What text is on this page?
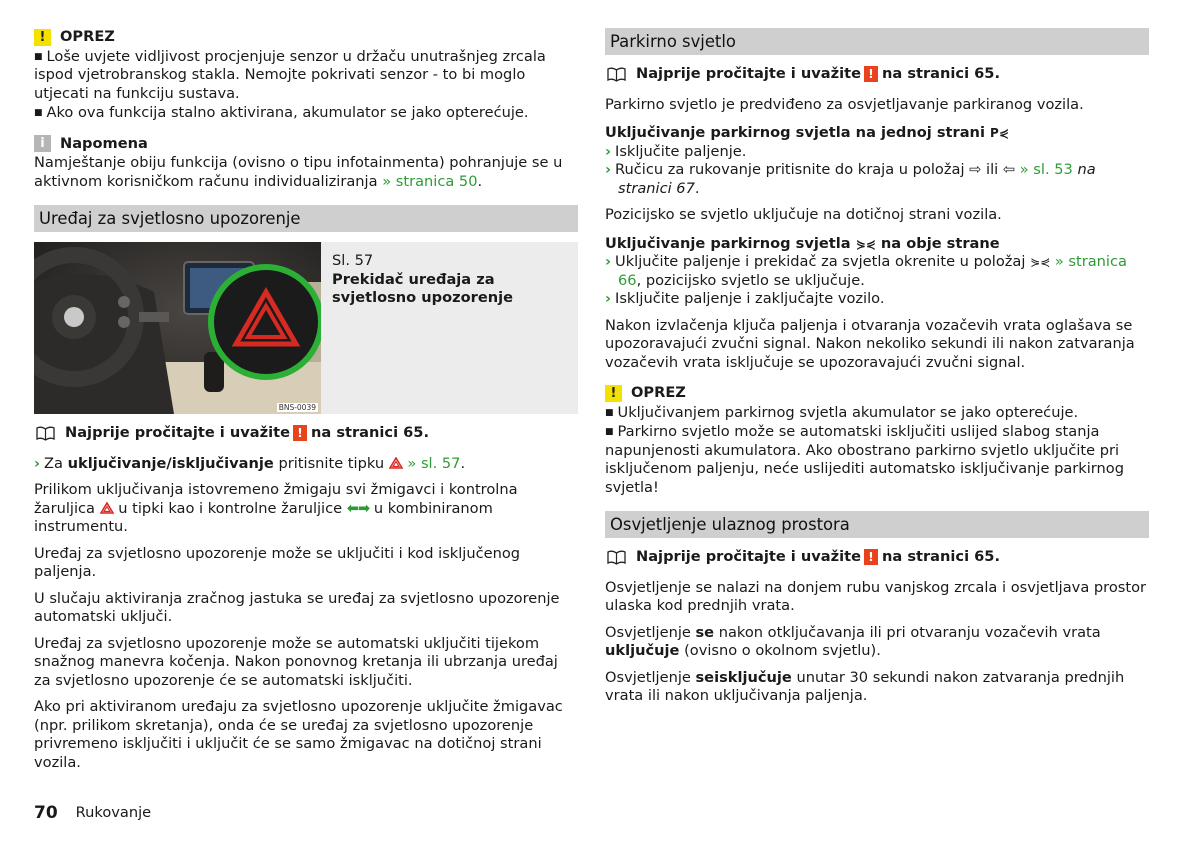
! OPREZ
■ Loše uvjete vidljivost procjenjuje senzor u držaču unutrašnjeg zrcala ispod vjetrobranskog stakla. Nemojte pokrivati senzor - to bi moglo utjecati na funkciju sustava.
■ Ako ova funkcija stalno aktivirana, akumulator se jako opterećuje.
i	Napomena
Namještanje obiju funkcija (ovisno o tipu infotainmenta) pohranjuje se u aktivnom korisničkom računu individualiziranja » stranica 50.
Uređaj za svjetlosno upozorenje
BNS-0039
Sl. 57
Prekidač uređaja za svjetlosno upozorenje
Najprije pročitajte i uvažite ! na stranici 65.
› Za uključivanje/isključivanje pritisnite tipku » sl. 57.
Prilikom uključivanja istovremeno žmigaju svi žmigavci i kontrolna žaruljica u tipki kao i kontrolne žaruljice ⬅➡ u kombiniranom instrumentu.
Uređaj za svjetlosno upozorenje može se uključiti i kod isključenog paljenja.
U slučaju aktiviranja zračnog jastuka se uređaj za svjetlosno upozorenje automatski uključi.
Uređaj za svjetlosno upozorenje može se automatski uključiti tijekom snažnog manevra kočenja. Nakon ponovnog kretanja ili ubrzanja uređaj za svjetlosno upozorenje će se automatski isključiti.
Ako pri aktiviranom uređaju za svjetlosno upozorenje uključite žmigavac (npr. prilikom skretanja), onda će se uređaj za svjetlosno upozorenje privremeno isključiti i uključit će se samo žmigavac na dotičnoj strani vozila.
Parkirno svjetlo
Najprije pročitajte i uvažite ! na stranici 65.
Parkirno svjetlo je predviđeno za osvjetljavanje parkiranog vozila.
Uključivanje parkirnog svjetla na jednoj strani P⋞
› Isključite paljenje.
› Ručicu za rukovanje pritisnite do kraja u položaj ⇨ ili ⇦ » sl. 53 na stranici 67.
Pozicijsko se svjetlo uključuje na dotičnoj strani vozila.
Uključivanje parkirnog svjetla ⋟⋞ na obje strane
› Uključite paljenje i prekidač za svjetla okrenite u položaj ⋟⋞ » stranica 66, pozicijsko svjetlo se uključuje.
› Isključite paljenje i zaključajte vozilo.
Nakon izvlačenja ključa paljenja i otvaranja vozačevih vrata oglašava se upozoravajući zvučni signal. Nakon nekoliko sekundi ili nakon zatvaranja vozačevih vrata isključuje se upozoravajući zvučni signal.
! OPREZ
■ Uključivanjem parkirnog svjetla akumulator se jako opterećuje.
■ Parkirno svjetlo može se automatski isključiti uslijed slabog stanja napunjenosti akumulatora. Ako obostrano parkirno svjetlo uključite pri isključenom paljenju, neće uslijediti automatsko isključivanje parkirnog svjetla!
Osvjetljenje ulaznog prostora
Najprije pročitajte i uvažite ! na stranici 65.
Osvjetljenje se nalazi na donjem rubu vanjskog zrcala i osvjetljava prostor ulaska kod prednjih vrata.
Osvjetljenje se nakon otključavanja ili pri otvaranju vozačevih vrata uključuje (ovisno o okolnom svjetlu).
Osvjetljenje seisključuje unutar 30 sekundi nakon zatvaranja prednjih vrata ili nakon uključivanja paljenja.
70 Rukovanje
